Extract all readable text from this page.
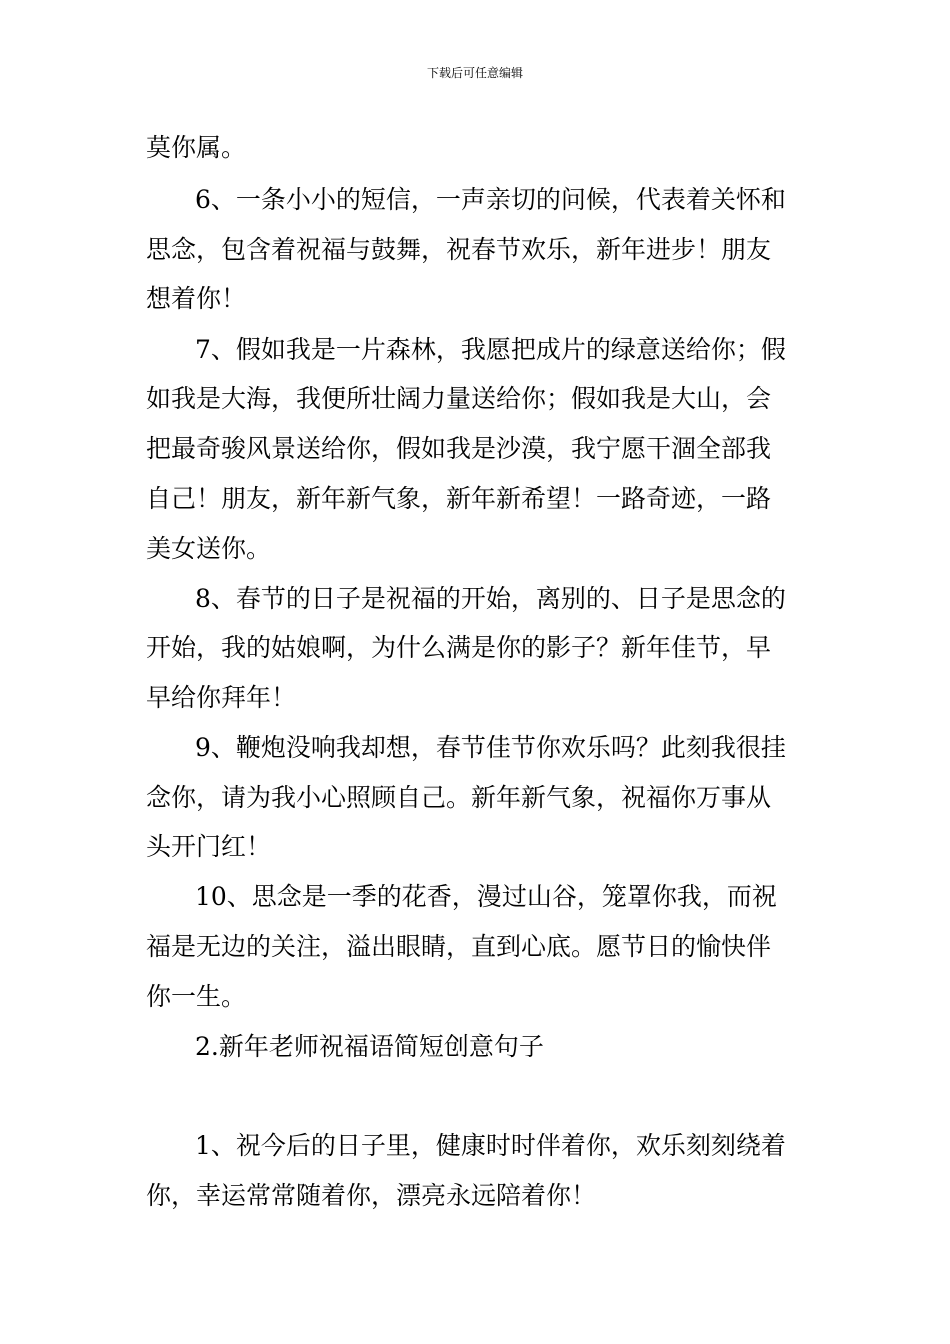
下载后可任意编辑
莫你属。
6、一条小小的短信，一声亲切的问候，代表着关怀和
思念，包含着祝福与鼓舞，祝春节欢乐，新年进步！朋友
想着你！
7、假如我是一片森林，我愿把成片的绿意送给你；假
如我是大海，我便所壮阔力量送给你；假如我是大山，会
把最奇骏风景送给你，假如我是沙漠，我宁愿干涸全部我
自己！朋友，新年新气象，新年新希望！一路奇迹，一路
美女送你。
8、春节的日子是祝福的开始，离别的、日子是思念的
开始，我的姑娘啊，为什么满是你的影子？新年佳节，早
早给你拜年！
9、鞭炮没响我却想，春节佳节你欢乐吗？此刻我很挂
念你，请为我小心照顾自己。新年新气象，祝福你万事从
头开门红！
10、思念是一季的花香，漫过山谷，笼罩你我，而祝
福是无边的关注，溢出眼睛，直到心底。愿节日的愉快伴
你一生。
2.新年老师祝福语简短创意句子
1、祝今后的日子里，健康时时伴着你，欢乐刻刻绕着
你，幸运常常随着你，漂亮永远陪着你！
